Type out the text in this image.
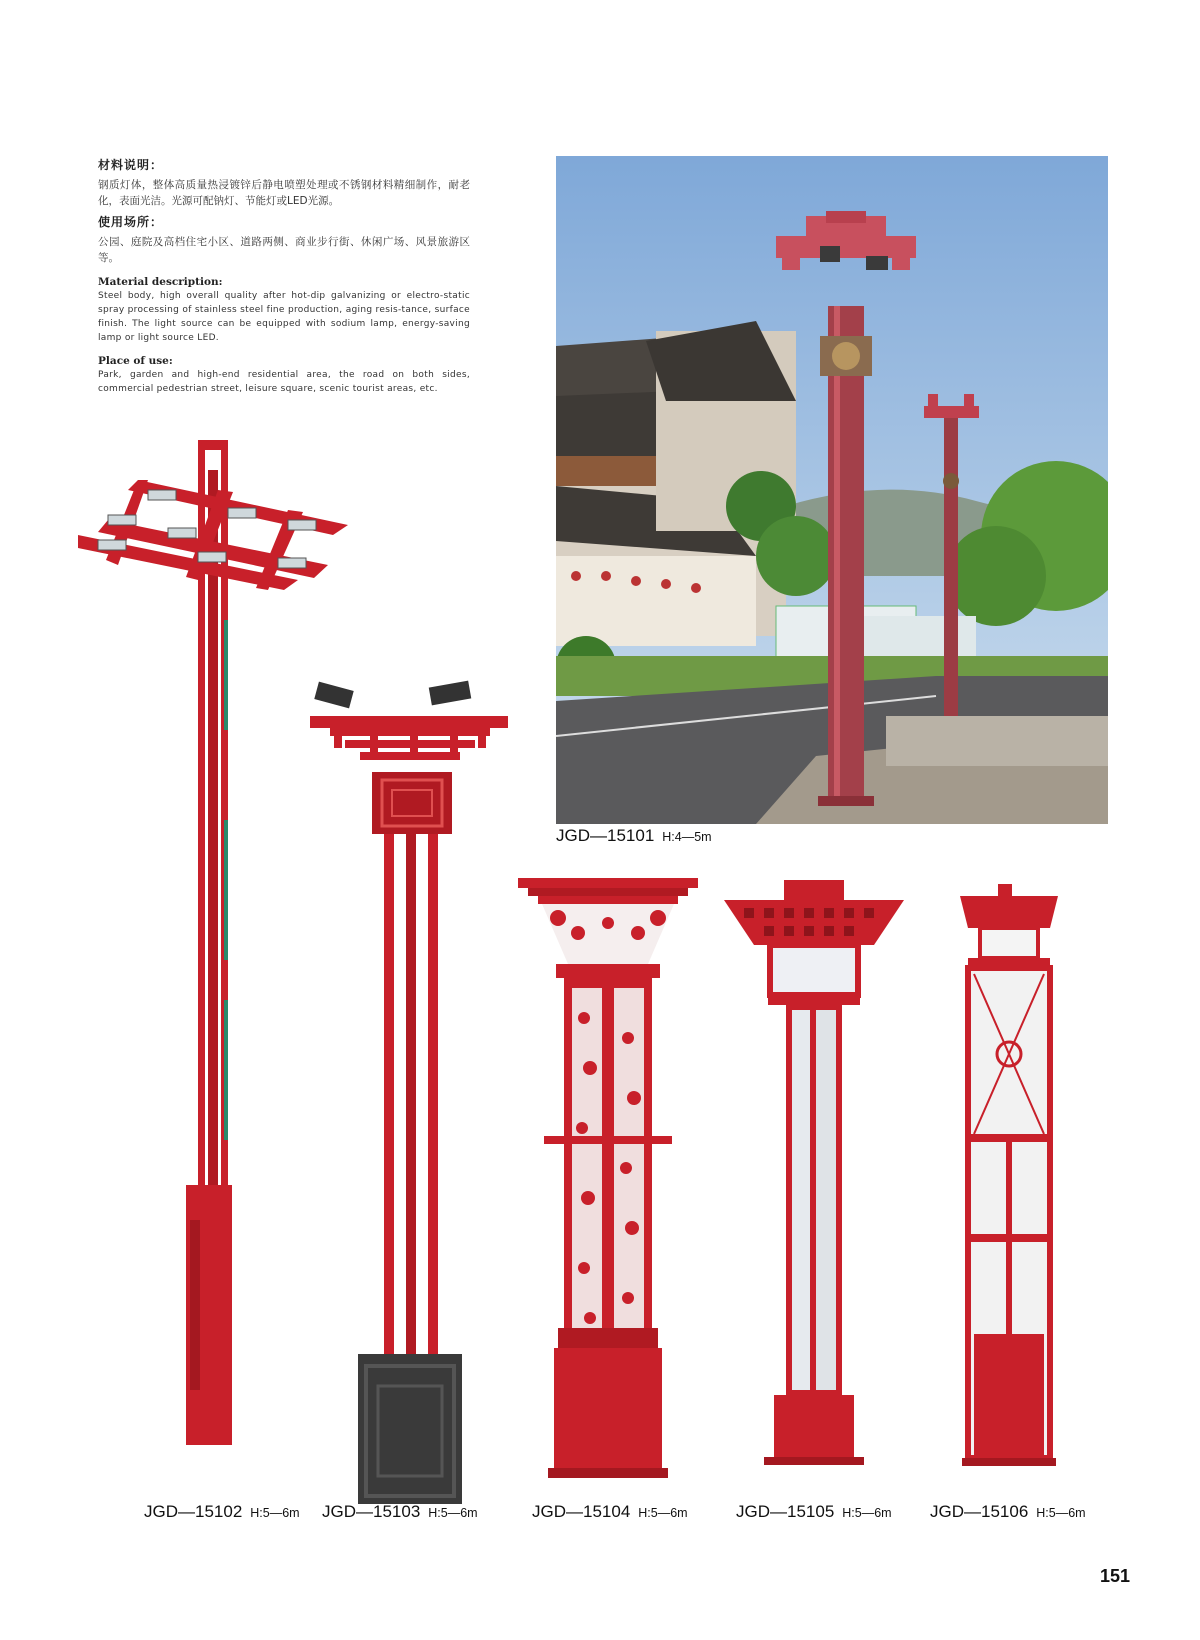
材料说明：

钢质灯体，整体高质量热浸镀锌后静电喷塑处理或不锈钢材料精细制作，耐老化，表面光洁。光源可配钠灯、节能灯或LED光源。

使用场所：

公园、庭院及高档住宅小区、道路两侧、商业步行街、休闲广场、风景旅游区等。

Material description:

Steel body, high overall quality after hot-dip galvanizing or electro-static spray processing of stainless steel fine production, aging resis-tance, surface finish. The light source can be equipped with sodium lamp, energy-saving lamp or light source LED.

Place of use:

Park, garden and high-end residential area, the road on both sides, commercial pedestrian street, leisure square, scenic tourist areas, etc.

JGD—15101 H:4—5m
JGD—15102 H:5—6m JGD—15103 H:5—6m	JGD—15104 H:5—6m	JGD—15105 H:5—6m JGD—15106 H:5—6m
151
